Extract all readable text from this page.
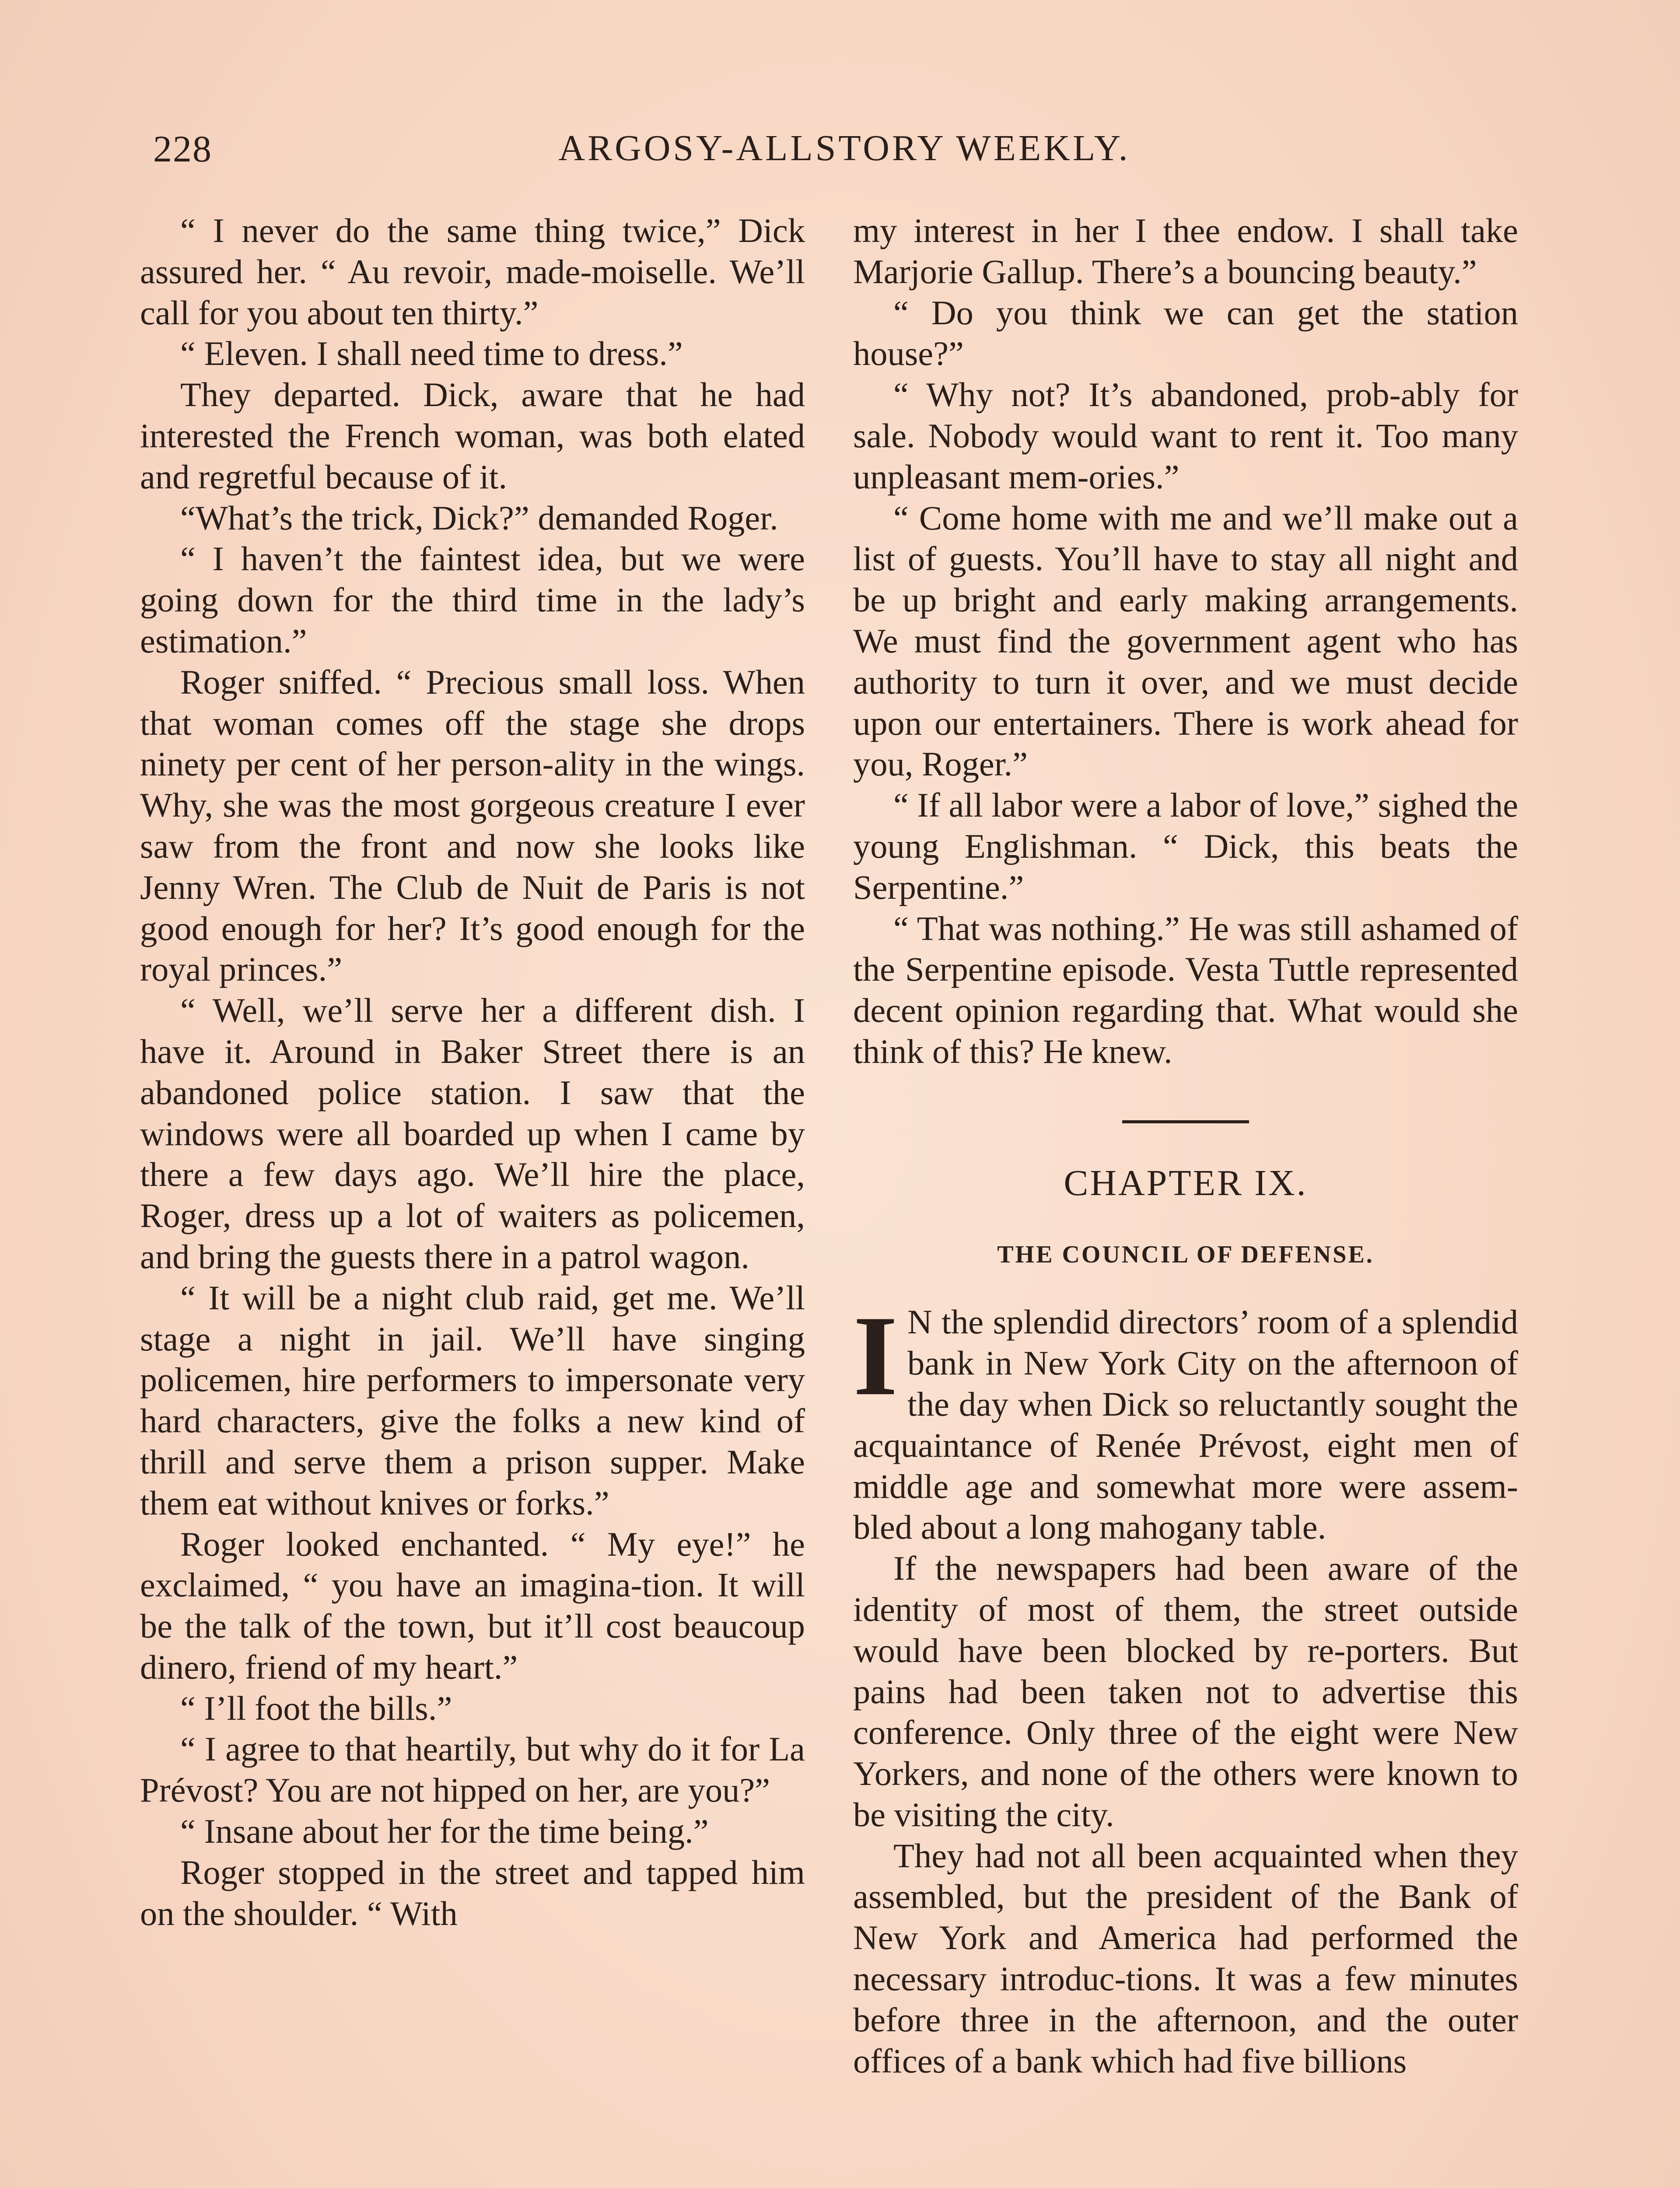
228	ARGOSY-ALLSTORY WEEKLY.

“ I never do the same thing twice,” Dick assured her. “ Au revoir, made-moiselle. We’ll call for you about ten thirty.”

“ Eleven. I shall need time to dress.”

They departed. Dick, aware that he had interested the French woman, was both elated and regretful because of it.

“What’s the trick, Dick?” demanded Roger.

“ I haven’t the faintest idea, but we were going down for the third time in the lady’s estimation.”

Roger sniffed. “ Precious small loss. When that woman comes off the stage she drops ninety per cent of her person-ality in the wings. Why, she was the most gorgeous creature I ever saw from the front and now she looks like Jenny Wren. The Club de Nuit de Paris is not good enough for her? It’s good enough for the royal princes.”

“ Well, we’ll serve her a different dish. I have it. Around in Baker Street there is an abandoned police station. I saw that the windows were all boarded up when I came by there a few days ago. We’ll hire the place, Roger, dress up a lot of waiters as policemen, and bring the guests there in a patrol wagon.

“ It will be a night club raid, get me. We’ll stage a night in jail. We’ll have singing policemen, hire performers to impersonate very hard characters, give the folks a new kind of thrill and serve them a prison supper. Make them eat without knives or forks.”

Roger looked enchanted. “ My eye!” he exclaimed, “ you have an imagina-tion. It will be the talk of the town, but it’ll cost beaucoup dinero, friend of my heart.”

“ I’ll foot the bills.”

“ I agree to that heartily, but why do it for La Prévost? You are not hipped on her, are you?”

“ Insane about her for the time being.”

Roger stopped in the street and tapped him on the shoulder. “ With

my interest in her I thee endow. I shall take Marjorie Gallup. There’s a bouncing beauty.”

“ Do you think we can get the station house?”

“ Why not? It’s abandoned, prob-ably for sale. Nobody would want to rent it. Too many unpleasant mem-ories.”

“ Come home with me and we’ll make out a list of guests. You’ll have to stay all night and be up bright and early making arrangements. We must find the government agent who has authority to turn it over, and we must decide upon our entertainers. There is work ahead for you, Roger.”

“ If all labor were a labor of love,” sighed the young Englishman. “ Dick, this beats the Serpentine.”

“ That was nothing.” He was still ashamed of the Serpentine episode. Vesta Tuttle represented decent opinion regarding that. What would she think of this? He knew.

CHAPTER IX.
THE COUNCIL OF DEFENSE.

I N the splendid directors’ room of a splendid bank in New York City on the afternoon of the day when Dick so reluctantly sought the acquaintance of Renée Prévost, eight men of middle age and somewhat more were assem-bled about a long mahogany table.

If the newspapers had been aware of the identity of most of them, the street outside would have been blocked by re-porters. But pains had been taken not to advertise this conference. Only three of the eight were New Yorkers, and none of the others were known to be visiting the city.

They had not all been acquainted when they assembled, but the president of the Bank of New York and America had performed the necessary introduc-tions. It was a few minutes before three in the afternoon, and the outer offices of a bank which had five billions
